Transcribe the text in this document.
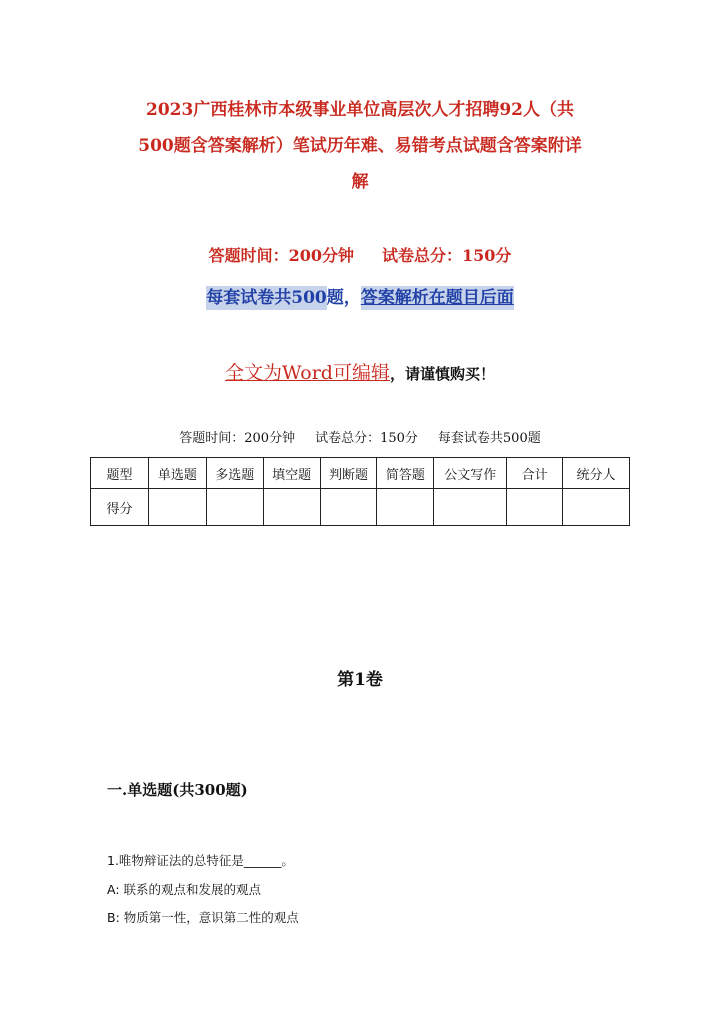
2023广西桂林市本级事业单位高层次人才招聘92人（共
500题含答案解析）笔试历年难、易错考点试题含答案附详
解
答题时间：200分钟 试卷总分：150分
每套试卷共500题，答案解析在题目后面
全文为Word可编辑，请谨慎购买！
答题时间：200分钟 试卷总分：150分 每套试卷共500题
题型	单选题	多选题	填空题	判断题	简答题	公文写作	合计	统分人
得分								
第1卷
一.单选题(共300题)
1.唯物辩证法的总特征是______。
A: 联系的观点和发展的观点
B: 物质第一性，意识第二性的观点
